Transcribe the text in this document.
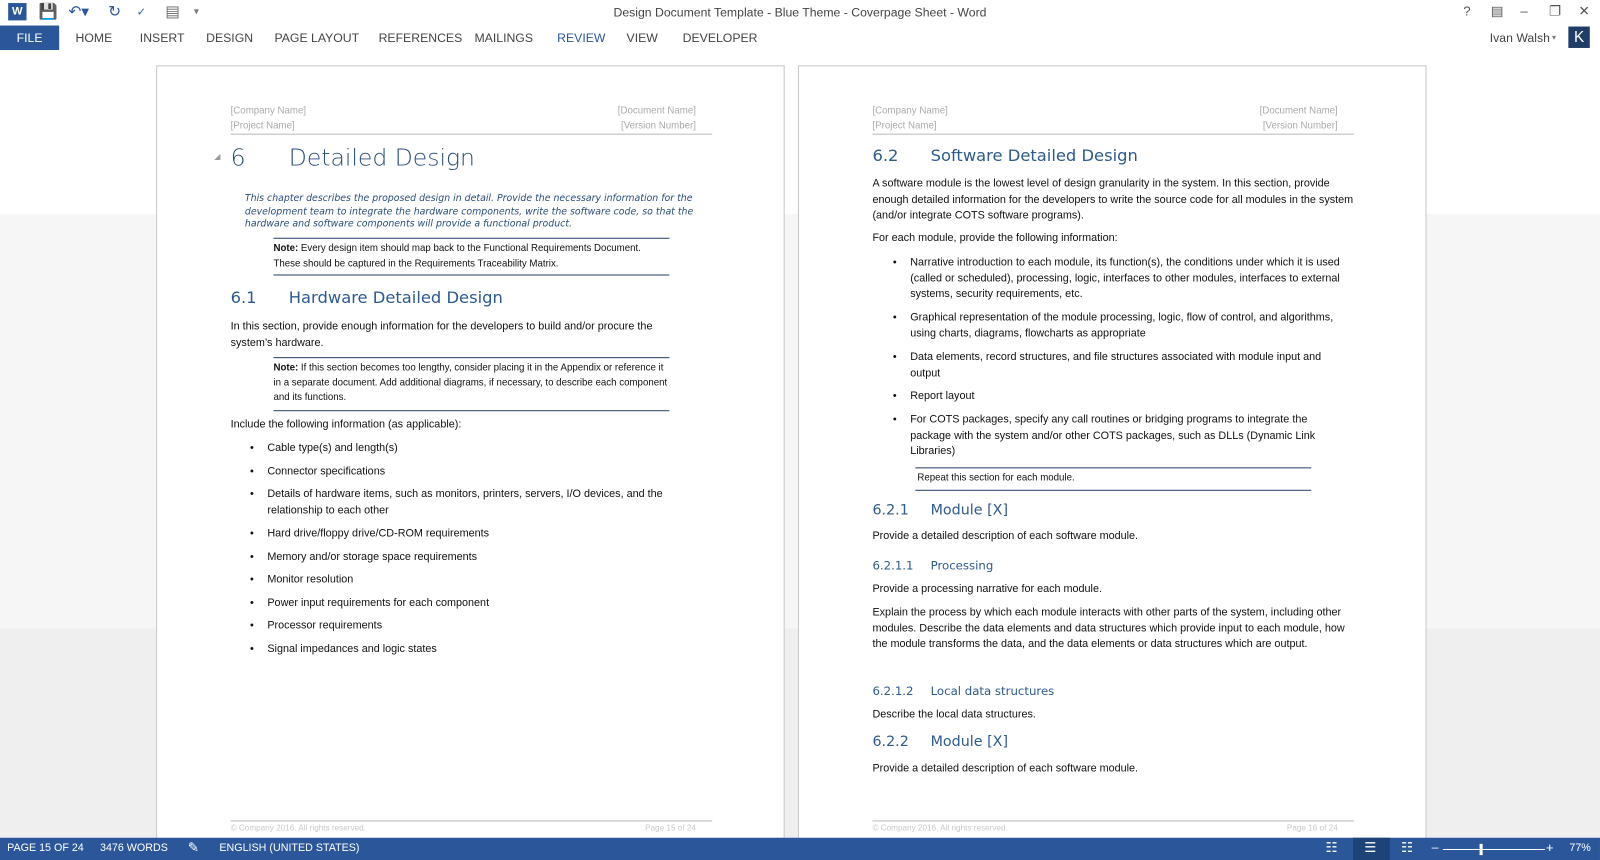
W 💾 ↶▾ ↻ ✓ ▤ ▾	Design Document Template - Blue Theme - Coverpage Sheet - Word	? ▤ – ❐ ✕
FILE	HOME INSERT DESIGN PAGE LAYOUT REFERENCES MAILINGS REVIEW VIEW DEVELOPER	Ivan Walsh ▾	K
[Company Name]
[Project Name]
[Document Name]
[Version Number]
◢ 6 Detailed Design
This chapter describes the proposed design in detail. Provide the necessary information for the development team to integrate the hardware components, write the software code, so that the hardware and software components will provide a functional product.
Note: Every design item should map back to the Functional Requirements Document. These should be captured in the Requirements Traceability Matrix.
6.1 Hardware Detailed Design
In this section, provide enough information for the developers to build and/or procure the system’s hardware.
Note: If this section becomes too lengthy, consider placing it in the Appendix or reference it in a separate document. Add additional diagrams, if necessary, to describe each component and its functions.
Include the following information (as applicable):
• Cable type(s) and length(s)
• Connector specifications
• Details of hardware items, such as monitors, printers, servers, I/O devices, and the relationship to each other
• Hard drive/floppy drive/CD-ROM requirements
• Memory and/or storage space requirements
• Monitor resolution
• Power input requirements for each component
• Processor requirements
• Signal impedances and logic states
© Company 2016. All rights reserved.	Page 15 of 24
[Company Name]
[Project Name]
[Document Name]
[Version Number]
6.2 Software Detailed Design
A software module is the lowest level of design granularity in the system. In this section, provide enough detailed information for the developers to write the source code for all modules in the system (and/or integrate COTS software programs).
For each module, provide the following information:
• Narrative introduction to each module, its function(s), the conditions under which it is used (called or scheduled), processing, logic, interfaces to other modules, interfaces to external systems, security requirements, etc.
• Graphical representation of the module processing, logic, flow of control, and algorithms, using charts, diagrams, flowcharts as appropriate
• Data elements, record structures, and file structures associated with module input and output
• Report layout
• For COTS packages, specify any call routines or bridging programs to integrate the package with the system and/or other COTS packages, such as DLLs (Dynamic Link Libraries)
Repeat this section for each module.
6.2.1 Module [X]
Provide a detailed description of each software module.
6.2.1.1 Processing
Provide a processing narrative for each module.
Explain the process by which each module interacts with other parts of the system, including other modules. Describe the data elements and data structures which provide input to each module, how the module transforms the data, and the data elements or data structures which are output.
6.2.1.2 Local data structures
Describe the local data structures.
6.2.2 Module [X]
Provide a detailed description of each software module.
© Company 2016. All rights reserved.	Page 16 of 24
PAGE 15 OF 24 3476 WORDS ✎ ENGLISH (UNITED STATES)	☷ ☰ ☷ –	+ 77%
